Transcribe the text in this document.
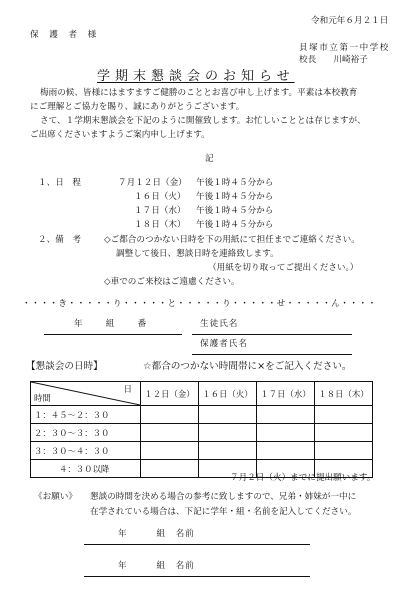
令和元年６月２１日
保　護　者　様
貝塚市立第一中学校
校長　　川崎裕子
学期末懇談会のお知らせ
梅雨の候、皆様にはますますご健勝のこととお喜び申し上げます。平素は本校教育
にご理解とご協力を賜り、誠にありがとうございます。
さて、１学期末懇談会を下記のように開催致します。お忙しいこととは存じますが、
ご出席くださいますようご案内申し上げます。
記
１、日　程	７月１２日（金） 午後１時４５分から
１６日（火） 午後１時４５分から
１７日（水） 午後１時４５分から
１８日（木） 午後１時４５分から
２、備　考	◇ご都合のつかない日時を下の用紙にて担任までご連絡ください。
調整して後日、懇談日時を連絡致します。
（用紙を切り取ってご提出ください。）
◇車でのご来校はご遠慮ください。
・・・・き・・・・・り・・・・・と・・・・・り・・・・・せ・・・・・ん・・・・
年　　組　　番	生徒氏名
保護者氏名
【懇談会の日時】	☆都合のつかない時間帯に×をご記入ください。
日
時間	１２日（金）	１６日（火）	１７日（水）	１８日（木）
１：４５～２：３０				
２：３０～３：３０				
３：３０～４：３０				
４：３０以降				
７月２日（火）までに提出願います。
《お願い》 懇談の時間を決める場合の参考に致しますので、兄弟・姉妹が一中に
在学されている場合は、下記に学年・組・名前を記入してください。
年　　　組　名前
年　　　組　名前
